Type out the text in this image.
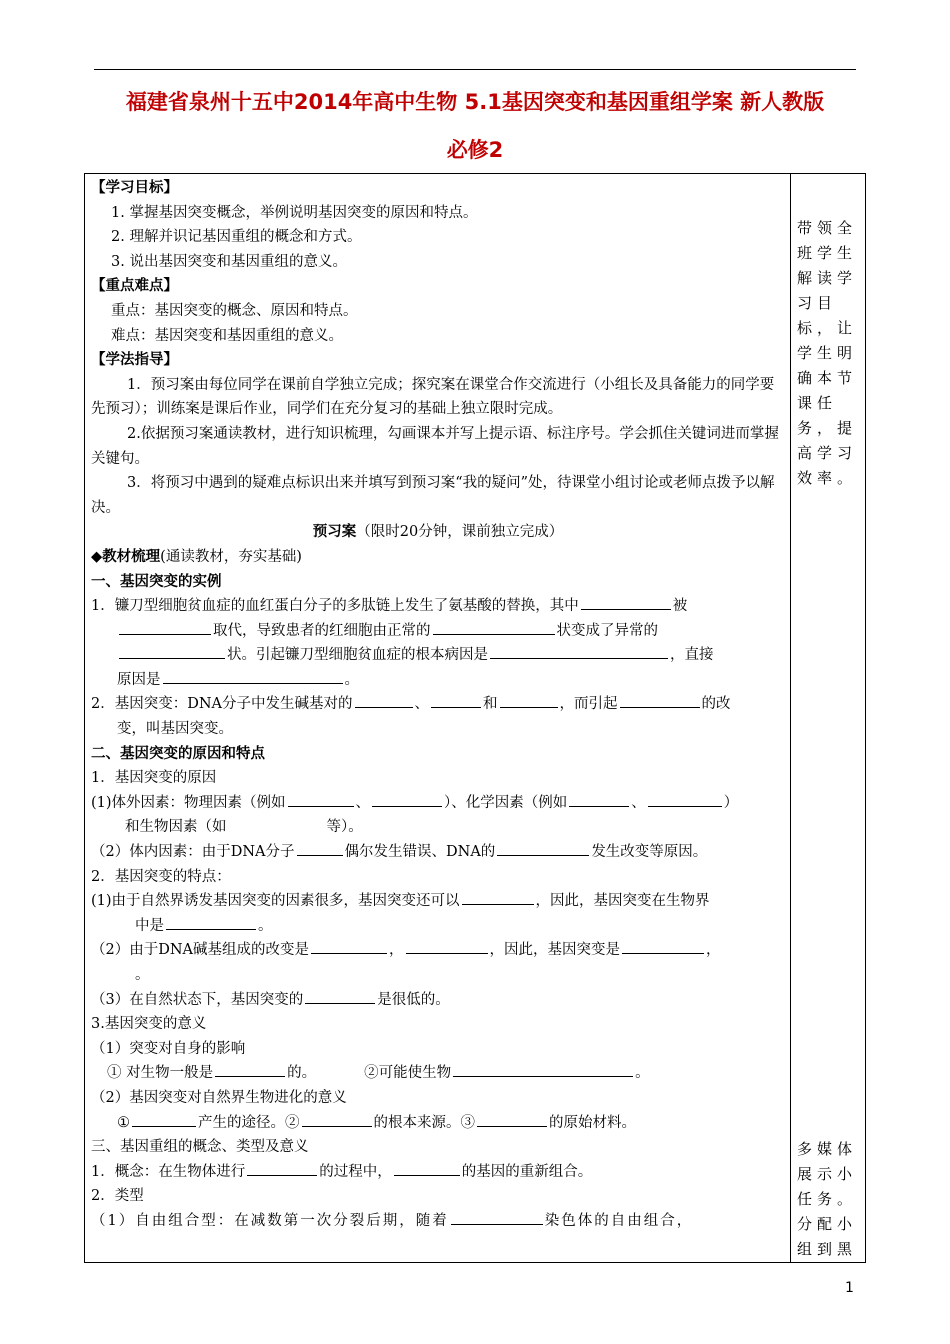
福建省泉州十五中2014年高中生物 5.1基因突变和基因重组学案 新人教版
必修2
带领全班学生解读学习目标，让学生明确本节课任务，提高学习效率。
多媒体展示小任务。分配小组到黑
【学习目标】
1. 掌握基因突变概念，举例说明基因突变的原因和特点。
2. 理解并识记基因重组的概念和方式。
3. 说出基因突变和基因重组的意义。
【重点难点】
重点：基因突变的概念、原因和特点。
难点：基因突变和基因重组的意义。
【学法指导】
1．预习案由每位同学在课前自学独立完成；探究案在课堂合作交流进行（小组长及具备能力的同学要先预习）；训练案是课后作业，同学们在充分复习的基础上独立限时完成。
2.依据预习案通读教材，进行知识梳理，勾画课本并写上提示语、标注序号。学会抓住关键词进而掌握关键句。
3．将预习中遇到的疑难点标识出来并填写到预习案“我的疑问”处，待课堂小组讨论或老师点拨予以解决。
预习案（限时20分钟，课前独立完成）
◆教材梳理(通读教材，夯实基础)
一、基因突变的实例
1．镰刀型细胞贫血症的血红蛋白分子的多肽链上发生了氨基酸的替换，其中	被
取代，导致患者的红细胞由正常的	状变成了异常的
状。引起镰刀型细胞贫血症的根本病因是	，直接
原因是	。
2．基因突变：DNA分子中发生碱基对的	、	和	，而引起	的改
变，叫基因突变。
二、基因突变的原因和特点
1．基因突变的原因
(1)体外因素：物理因素（例如	、	）、化学因素（例如	、	）
和生物因素（如	等）。
（2）体内因素：由于DNA分子	偶尔发生错误、DNA的	发生改变等原因。
2．基因突变的特点：
(1)由于自然界诱发基因突变的因素很多，基因突变还可以	，因此，基因突变在生物界
中是	。
（2）由于DNA碱基组成的改变是	，	，因此，基因突变是	，
。
（3）在自然状态下，基因突变的	是很低的。
3.基因突变的意义
（1）突变对自身的影响
① 对生物一般是	的。	②可能使生物	。
（2）基因突变对自然界生物进化的意义
①	产生的途径。②	的根本来源。③	的原始材料。
三、基因重组的概念、类型及意义
1．概念：在生物体进行	的过程中，	的基因的重新组合。
2．类型
（1）自由组合型：在减数第一次分裂后期，随着	染色体的自由组合，
1
